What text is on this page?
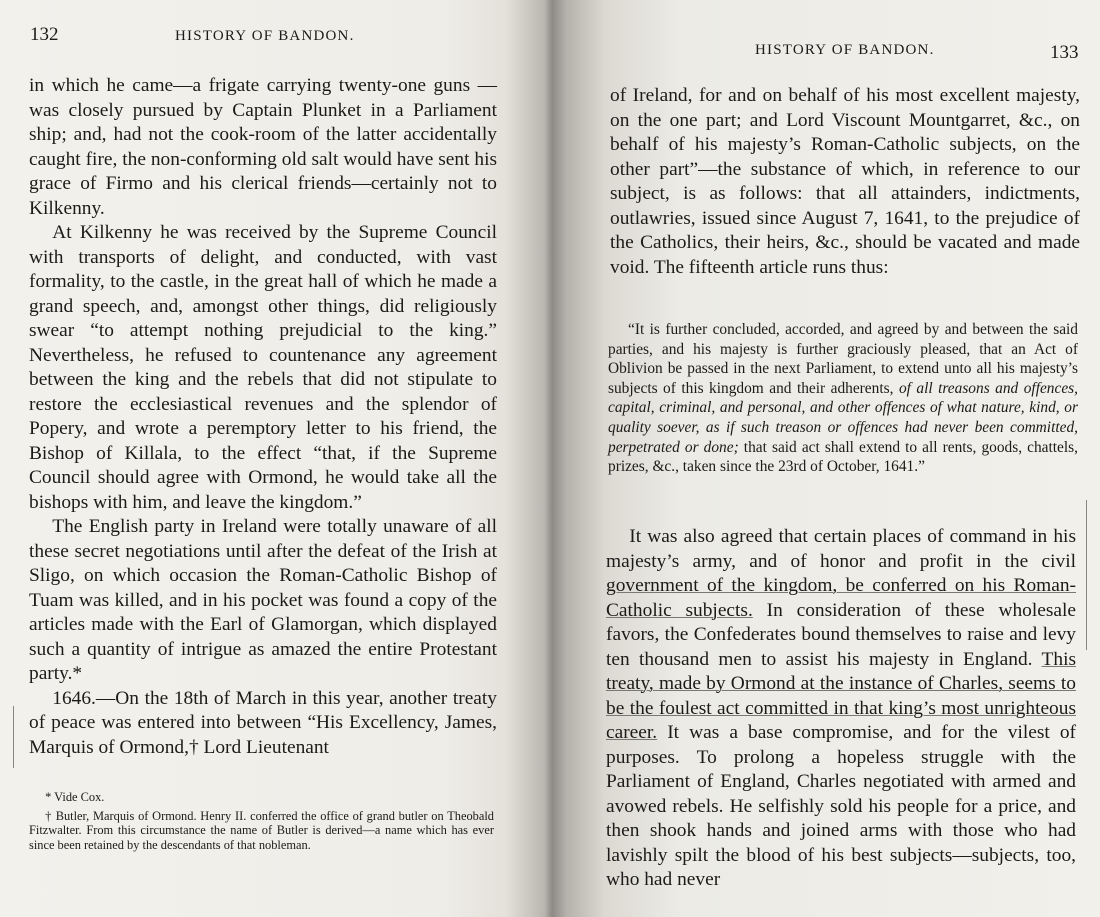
132	HISTORY OF BANDON.

in which he came—a frigate carrying twenty-one guns —was closely pursued by Captain Plunket in a Parliament ship; and, had not the cook-room of the latter accidentally caught fire, the non-conforming old salt would have sent his grace of Firmo and his clerical friends—certainly not to Kilkenny.

At Kilkenny he was received by the Supreme Council with transports of delight, and conducted, with vast formality, to the castle, in the great hall of which he made a grand speech, and, amongst other things, did religiously swear “to attempt nothing prejudicial to the king.” Nevertheless, he refused to countenance any agreement between the king and the rebels that did not stipulate to restore the ecclesiastical revenues and the splendor of Popery, and wrote a peremptory letter to his friend, the Bishop of Killala, to the effect “that, if the Supreme Council should agree with Ormond, he would take all the bishops with him, and leave the kingdom.”

The English party in Ireland were totally unaware of all these secret negotiations until after the defeat of the Irish at Sligo, on which occasion the Roman-Catholic Bishop of Tuam was killed, and in his pocket was found a copy of the articles made with the Earl of Glamorgan, which displayed such a quantity of intrigue as amazed the entire Protestant party.*

1646.—On the 18th of March in this year, another treaty of peace was entered into between “His Excellency, James, Marquis of Ormond,† Lord Lieutenant

* Vide Cox.

† Butler, Marquis of Ormond. Henry II. conferred the office of grand butler on Theobald Fitzwalter. From this circumstance the name of Butler is derived—a name which has ever since been retained by the descendants of that nobleman.

HISTORY OF BANDON.	133

of Ireland, for and on behalf of his most excellent majesty, on the one part; and Lord Viscount Mountgarret, &c., on behalf of his majesty’s Roman-Catholic subjects, on the other part”—the substance of which, in reference to our subject, is as follows: that all attainders, indictments, outlawries, issued since August 7, 1641, to the prejudice of the Catholics, their heirs, &c., should be vacated and made void. The fifteenth article runs thus:

“It is further concluded, accorded, and agreed by and between the said parties, and his majesty is further graciously pleased, that an Act of Oblivion be passed in the next Parliament, to extend unto all his majesty’s subjects of this kingdom and their adherents, of all treasons and offences, capital, criminal, and personal, and other offences of what nature, kind, or quality soever, as if such treason or offences had never been committed, perpetrated or done; that said act shall extend to all rents, goods, chattels, prizes, &c., taken since the 23rd of October, 1641.”

It was also agreed that certain places of command in his majesty’s army, and of honor and profit in the civil government of the kingdom, be conferred on his Roman-Catholic subjects. In consideration of these wholesale favors, the Confederates bound themselves to raise and levy ten thousand men to assist his majesty in England. This treaty, made by Ormond at the instance of Charles, seems to be the foulest act committed in that king’s most unrighteous career. It was a base compromise, and for the vilest of purposes. To prolong a hopeless struggle with the Parliament of England, Charles negotiated with armed and avowed rebels. He selfishly sold his people for a price, and then shook hands and joined arms with those who had lavishly spilt the blood of his best subjects—subjects, too, who had never
